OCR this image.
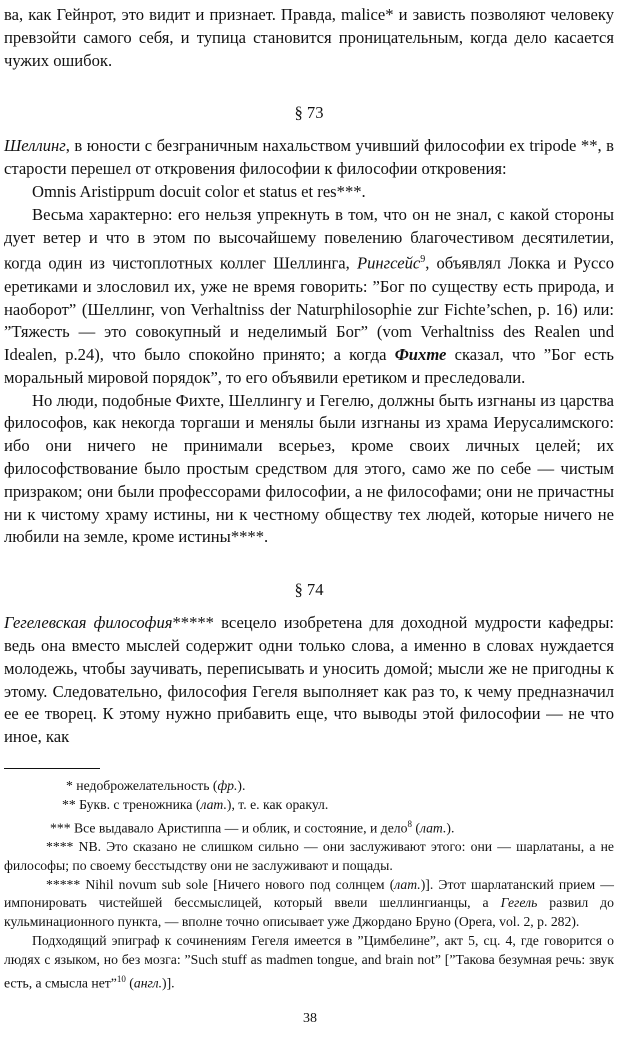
ва, как Гейнрот, это видит и признает. Правда, malice* и зависть позволяют человеку превзойти самого себя, и тупица становится проницательным, когда дело касается чужих ошибок.

§ 73

Шеллинг, в юности с безграничным нахальством учивший философии ex tripode **, в старости перешел от откровения философии к философии откровения:

Omnis Aristippum docuit color et status et res***.

Весьма характерно: его нельзя упрекнуть в том, что он не знал, с какой стороны дует ветер и что в этом по высочайшему повелению благочестивом десятилетии, когда один из чистоплотных коллег Шеллинга, Рингсейс$^9$, объявлял Локка и Руссо еретиками и злословил их, уже не время говорить: ”Бог по существу есть природа, и наоборот” (Шеллинг, von Verhaltniss der Naturphilosophie zur Fichte’schen, p. 16) или: ”Тяжесть — это совокупный и неделимый Бог” (vom Verhaltniss des Realen und Idealen, p.24), что было спокойно принято; а когда Фихте сказал, что ”Бог есть моральный мировой порядок”, то его объявили еретиком и преследовали.

Но люди, подобные Фихте, Шеллингу и Гегелю, должны быть изгнаны из царства философов, как некогда торгаши и менялы были изгнаны из храма Иерусалимского: ибо они ничего не принимали всерьез, кроме своих личных целей; их философствование было простым средством для этого, само же по себе — чистым призраком; они были профессорами философии, а не философами; они не причастны ни к чистому храму истины, ни к честному обществу тех людей, которые ничего не любили на земле, кроме истины****.

§ 74

Гегелевская философия***** всецело изобретена для доходной мудрости кафедры: ведь она вместо мыслей содержит одни только слова, а именно в словах нуждается молодежь, чтобы заучивать, переписывать и уносить домой; мысли же не пригодны к этому. Следовательно, философия Гегеля выполняет как раз то, к чему предназначил ее ее творец. К этому нужно прибавить еще, что выводы этой философии — не что иное, как

* недоброжелательность (фр.).

** Букв. с треножника (лат.), т. е. как оракул.

*** Все выдавало Аристиппа — и облик, и состояние, и дело$^8$ (лат.).

**** NB. Это сказано не слишком сильно — они заслуживают этого: они — шарлатаны, а не философы; по своему бесстыдству они не заслуживают и пощады.

***** Nihil novum sub sole [Ничего нового под солнцем (лат.)]. Этот шарлатанский прием — импонировать чистейшей бессмыслицей, который ввели шеллингианцы, а Гегель развил до кульминационного пункта, — вполне точно описывает уже Джордано Бруно (Opera, vol. 2, p. 282).

Подходящий эпиграф к сочинениям Гегеля имеется в ”Цимбелине”, акт 5, сц. 4, где говорится о людях с языком, но без мозга: ”Such stuff as madmen tongue, and brain not” [”Такова безумная речь: звук есть, а смысла нет”$^{10}$ (англ.)].

38
